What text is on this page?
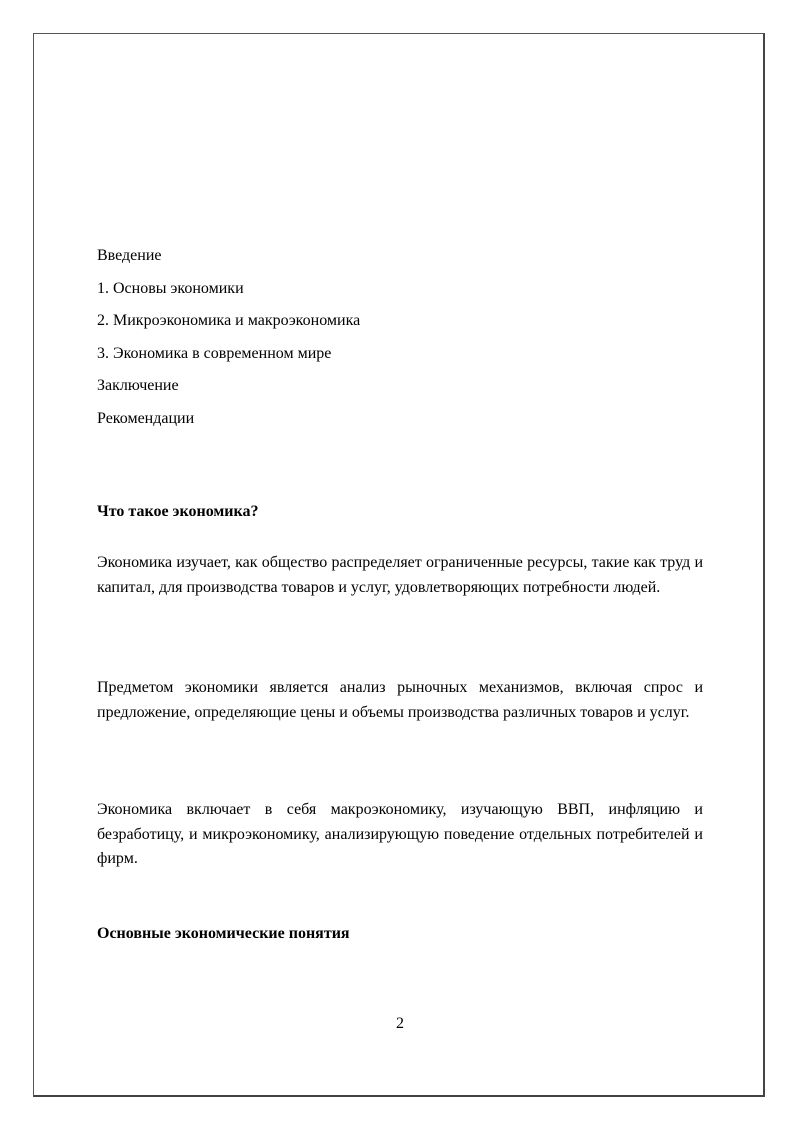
Введение
1. Основы экономики
2. Микроэкономика и макроэкономика
3. Экономика в современном мире
Заключение
Рекомендации
Что такое экономика?
Экономика изучает, как общество распределяет ограниченные ресурсы, такие как труд и капитал, для производства товаров и услуг, удовлетворяющих потребности людей.
Предметом экономики является анализ рыночных механизмов, включая спрос и предложение, определяющие цены и объемы производства различных товаров и услуг.
Экономика включает в себя макроэкономику, изучающую ВВП, инфляцию и безработицу, и микроэкономику, анализирующую поведение отдельных потребителей и фирм.
Основные экономические понятия
2
